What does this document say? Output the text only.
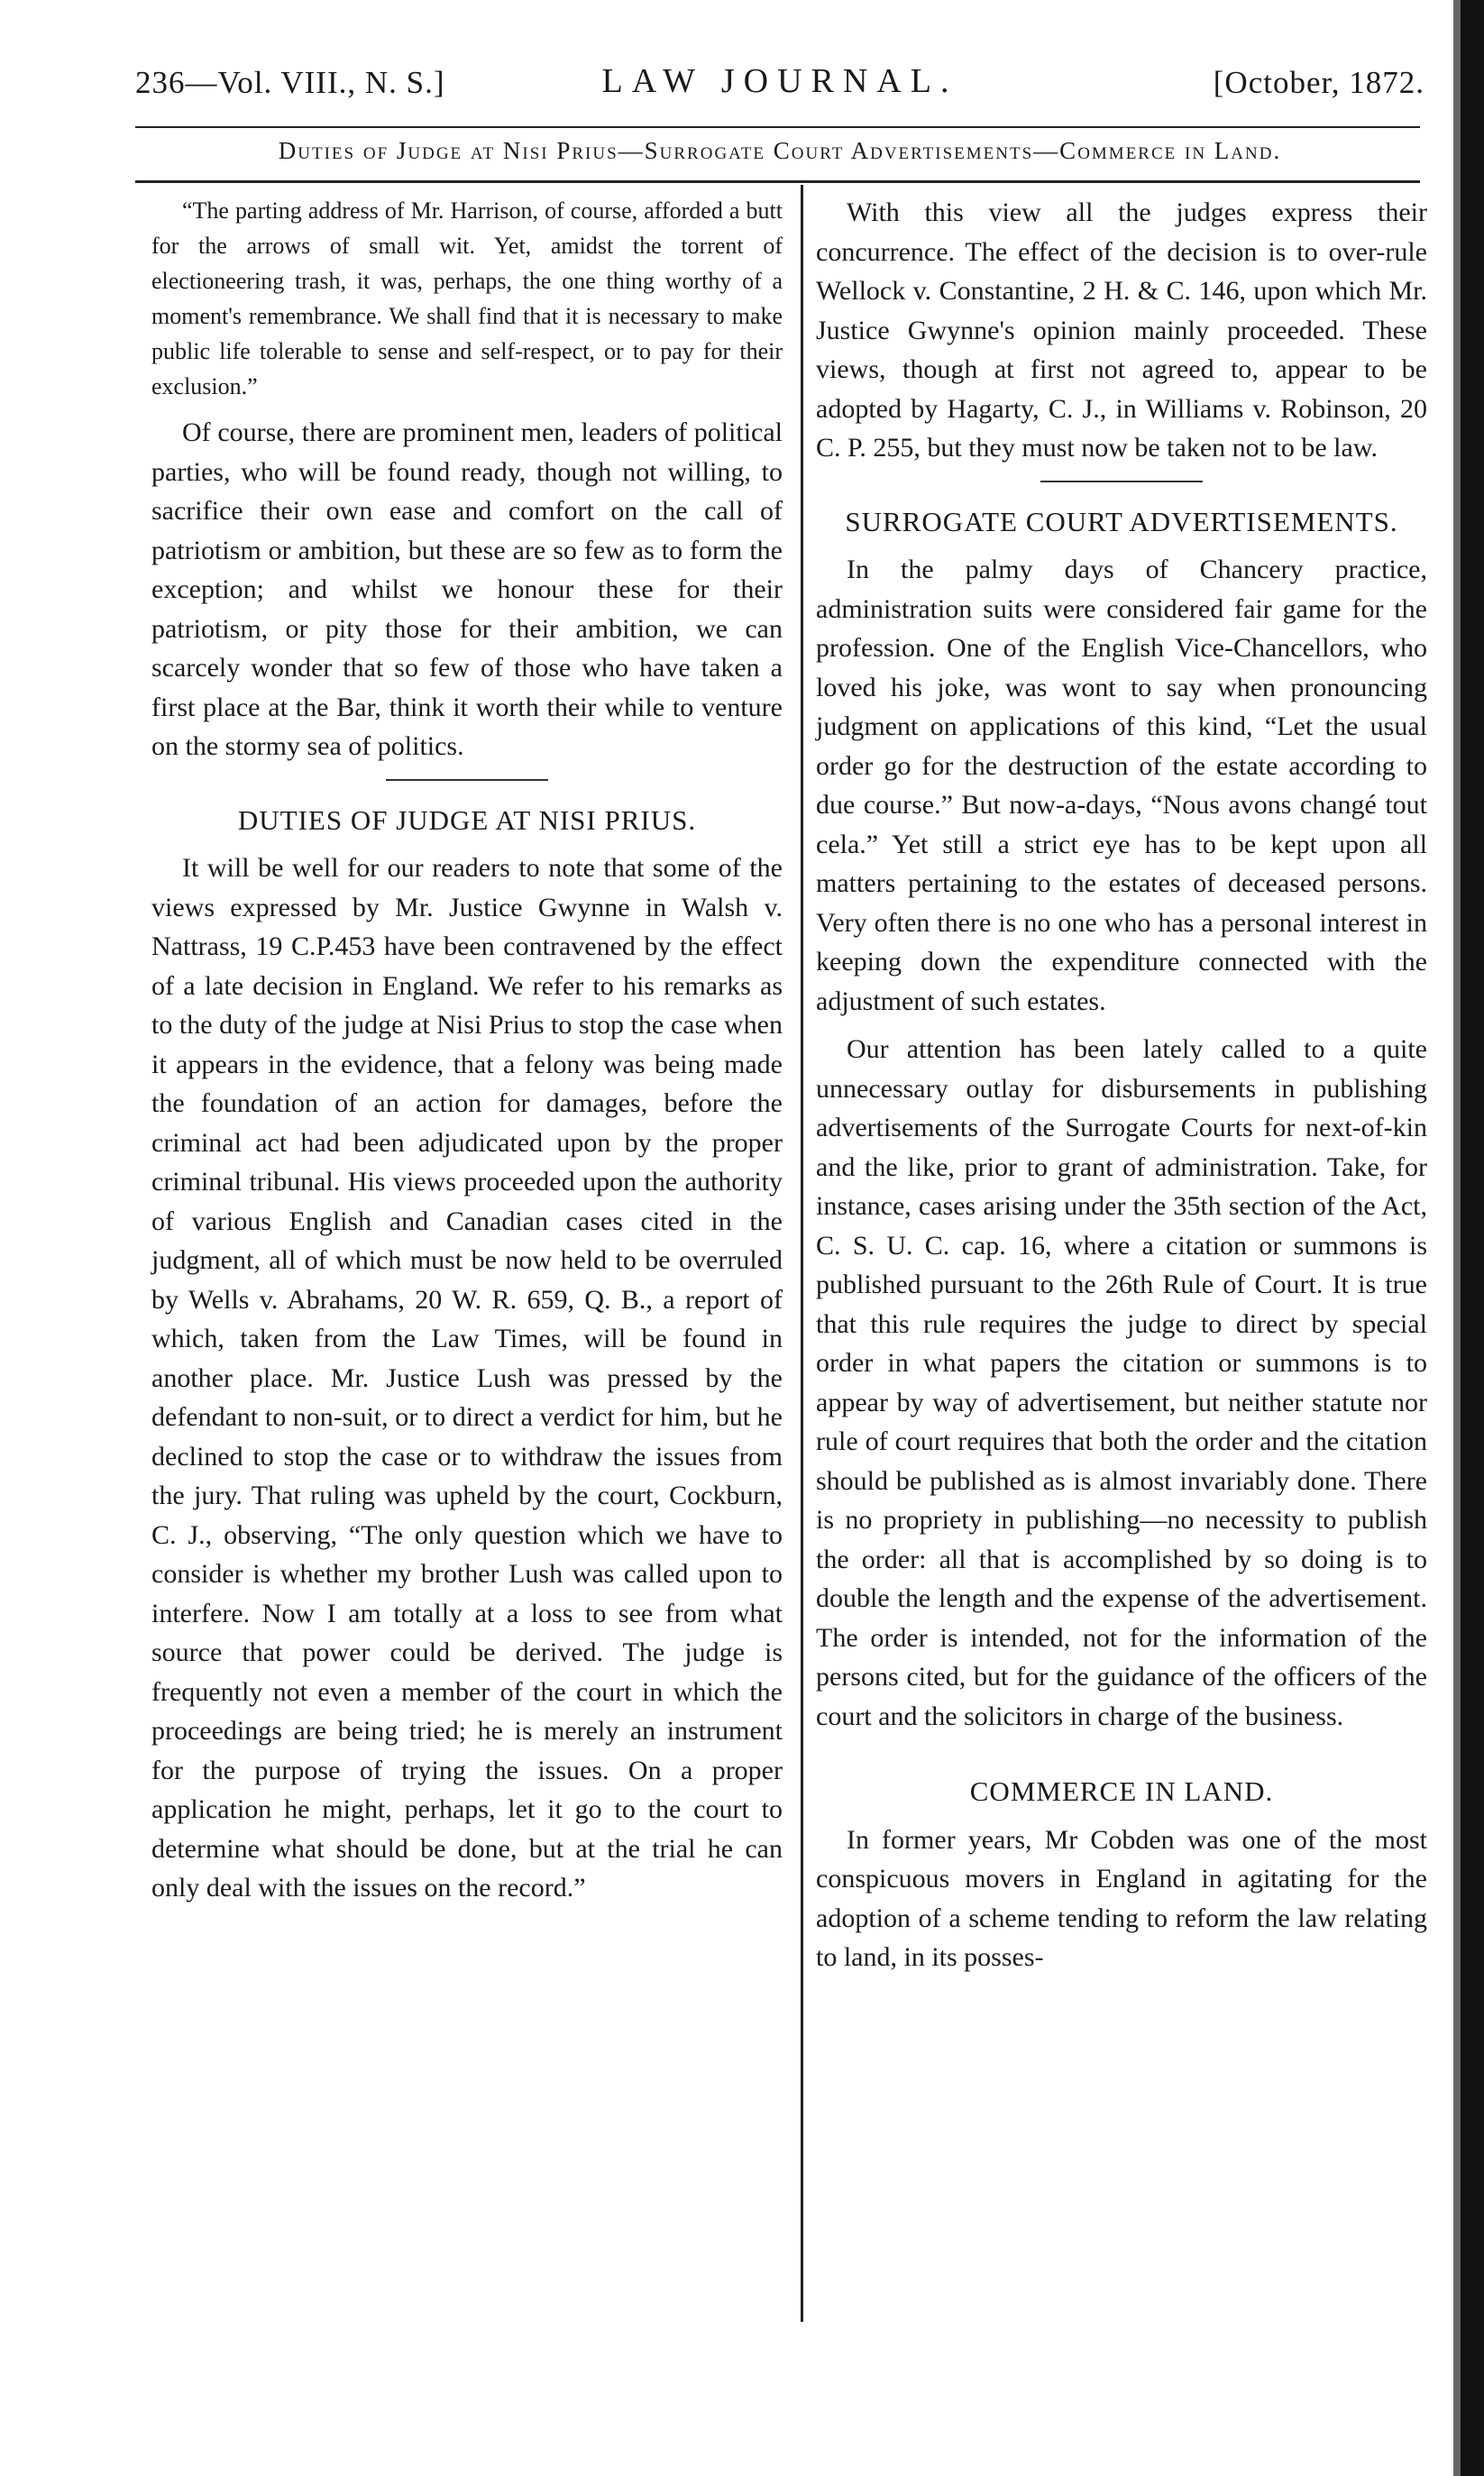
236—Vol. VIII., N. S.]	LAW JOURNAL.	[October, 1872.
Duties of Judge at Nisi Prius—Surrogate Court Advertisements—Commerce in Land.

“The parting address of Mr. Harrison, of course, afforded a butt for the arrows of small wit. Yet, amidst the torrent of electioneering trash, it was, perhaps, the one thing worthy of a moment's remembrance. We shall find that it is necessary to make public life tolerable to sense and self-respect, or to pay for their exclusion.”

Of course, there are prominent men, leaders of political parties, who will be found ready, though not willing, to sacrifice their own ease and comfort on the call of patriotism or ambition, but these are so few as to form the exception; and whilst we honour these for their patriotism, or pity those for their ambition, we can scarcely wonder that so few of those who have taken a first place at the Bar, think it worth their while to venture on the stormy sea of politics.

DUTIES OF JUDGE AT NISI PRIUS.

It will be well for our readers to note that some of the views expressed by Mr. Justice Gwynne in Walsh v. Nattrass, 19 C.P.453 have been contravened by the effect of a late decision in England. We refer to his remarks as to the duty of the judge at Nisi Prius to stop the case when it appears in the evidence, that a felony was being made the foundation of an action for damages, before the criminal act had been adjudicated upon by the proper criminal tribunal. His views proceeded upon the authority of various English and Canadian cases cited in the judgment, all of which must be now held to be overruled by Wells v. Abrahams, 20 W. R. 659, Q. B., a report of which, taken from the Law Times, will be found in another place. Mr. Justice Lush was pressed by the defendant to non-suit, or to direct a verdict for him, but he declined to stop the case or to withdraw the issues from the jury. That ruling was upheld by the court, Cockburn, C. J., observing, “The only question which we have to consider is whether my brother Lush was called upon to interfere. Now I am totally at a loss to see from what source that power could be derived. The judge is frequently not even a member of the court in which the proceedings are being tried; he is merely an instrument for the purpose of trying the issues. On a proper application he might, perhaps, let it go to the court to determine what should be done, but at the trial he can only deal with the issues on the record.”

With this view all the judges express their concurrence. The effect of the decision is to over-rule Wellock v. Constantine, 2 H. & C. 146, upon which Mr. Justice Gwynne's opinion mainly proceeded. These views, though at first not agreed to, appear to be adopted by Hagarty, C. J., in Williams v. Robinson, 20 C. P. 255, but they must now be taken not to be law.

SURROGATE COURT ADVERTISEMENTS.

In the palmy days of Chancery practice, administration suits were considered fair game for the profession. One of the English Vice-Chancellors, who loved his joke, was wont to say when pronouncing judgment on applications of this kind, “Let the usual order go for the destruction of the estate according to due course.” But now-a-days, “Nous avons changé tout cela.” Yet still a strict eye has to be kept upon all matters pertaining to the estates of deceased persons. Very often there is no one who has a personal interest in keeping down the expenditure connected with the adjustment of such estates.

Our attention has been lately called to a quite unnecessary outlay for disbursements in publishing advertisements of the Surrogate Courts for next-of-kin and the like, prior to grant of administration. Take, for instance, cases arising under the 35th section of the Act, C. S. U. C. cap. 16, where a citation or summons is published pursuant to the 26th Rule of Court. It is true that this rule requires the judge to direct by special order in what papers the citation or summons is to appear by way of advertisement, but neither statute nor rule of court requires that both the order and the citation should be published as is almost invariably done. There is no propriety in publishing—no necessity to publish the order: all that is accomplished by so doing is to double the length and the expense of the advertisement. The order is intended, not for the information of the persons cited, but for the guidance of the officers of the court and the solicitors in charge of the business.

COMMERCE IN LAND.

In former years, Mr Cobden was one of the most conspicuous movers in England in agitating for the adoption of a scheme tending to reform the law relating to land, in its posses-
